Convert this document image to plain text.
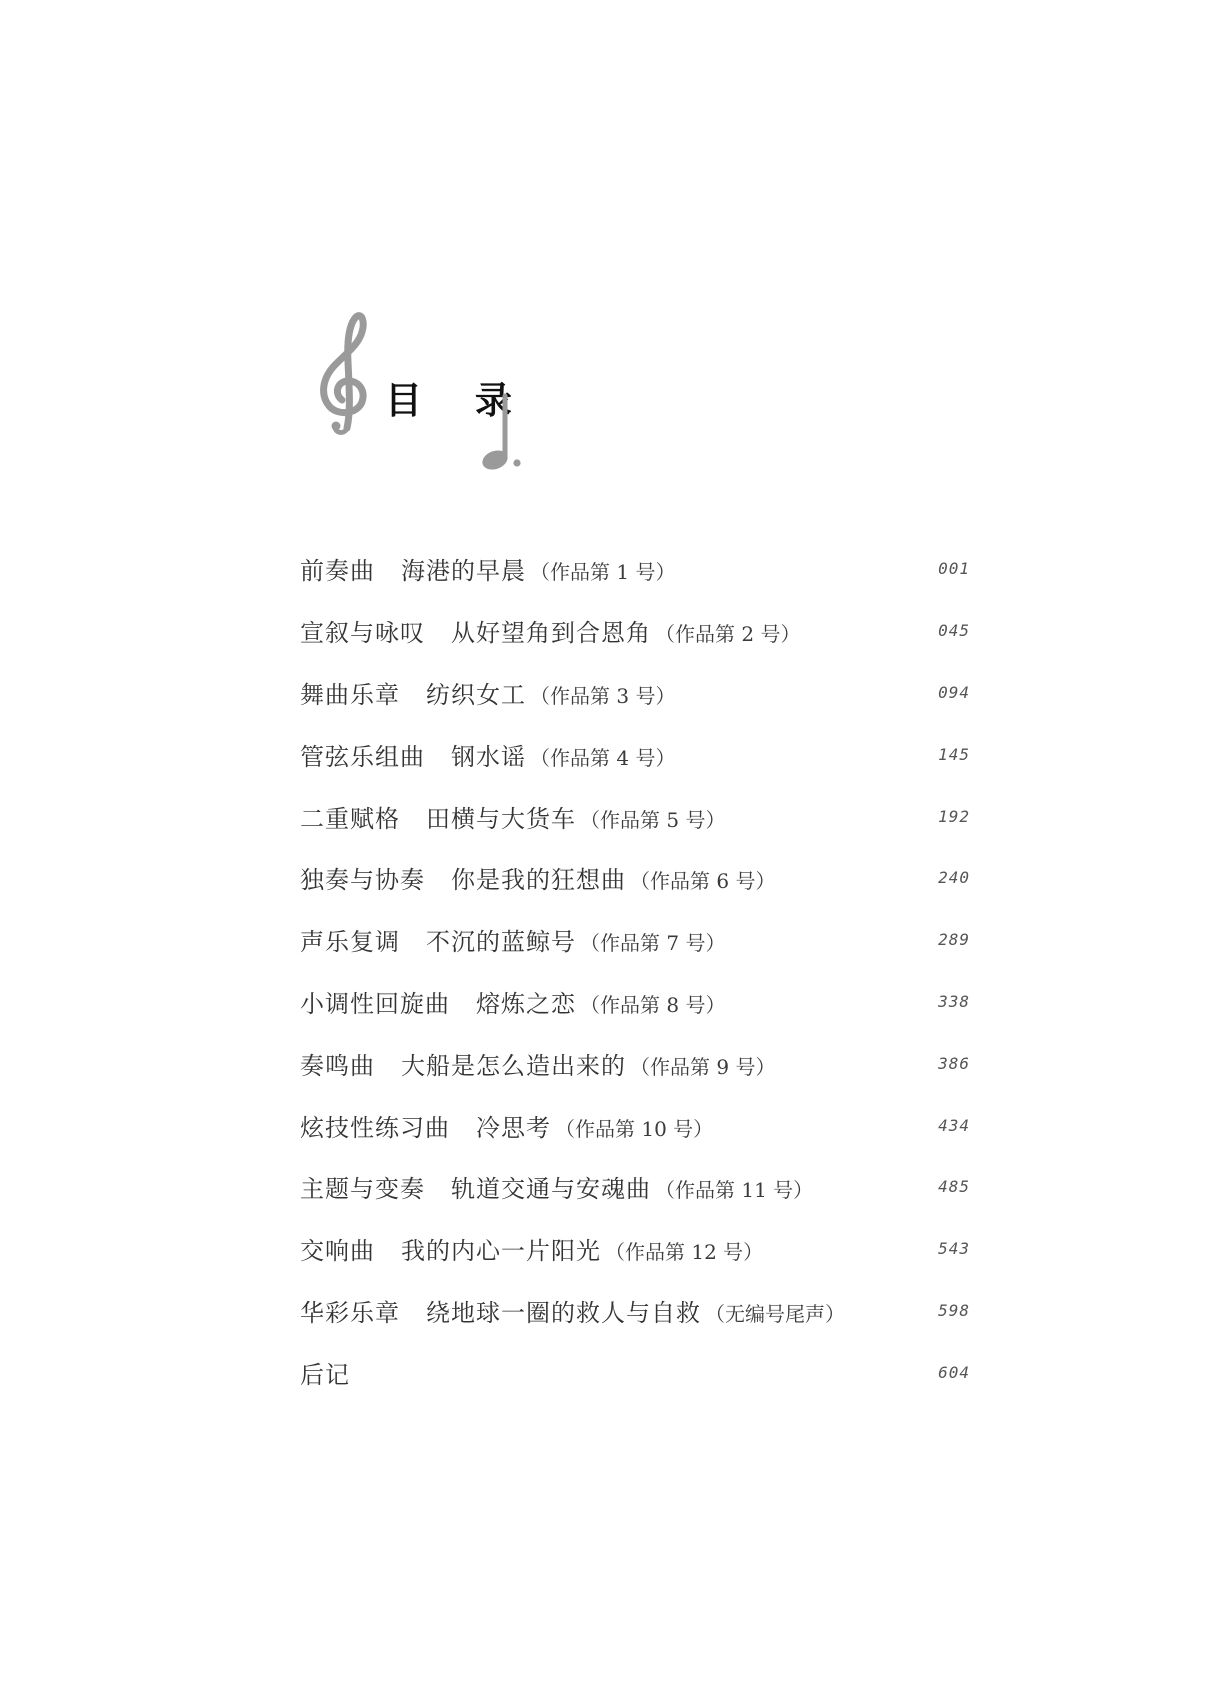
目 录
前奏曲 海港的早晨 （作品第 1 号）	001
宣叙与咏叹 从好望角到合恩角 （作品第 2 号）	045
舞曲乐章 纺织女工 （作品第 3 号）	094
管弦乐组曲 钢水谣 （作品第 4 号）	145
二重赋格 田横与大货车 （作品第 5 号）	192
独奏与协奏 你是我的狂想曲 （作品第 6 号）	240
声乐复调 不沉的蓝鲸号 （作品第 7 号）	289
小调性回旋曲 熔炼之恋 （作品第 8 号）	338
奏鸣曲 大船是怎么造出来的 （作品第 9 号）	386
炫技性练习曲 冷思考 （作品第 10 号）	434
主题与变奏 轨道交通与安魂曲 （作品第 11 号）	485
交响曲 我的内心一片阳光 （作品第 12 号）	543
华彩乐章 绕地球一圈的救人与自救 （无编号尾声）	598
后记	604
